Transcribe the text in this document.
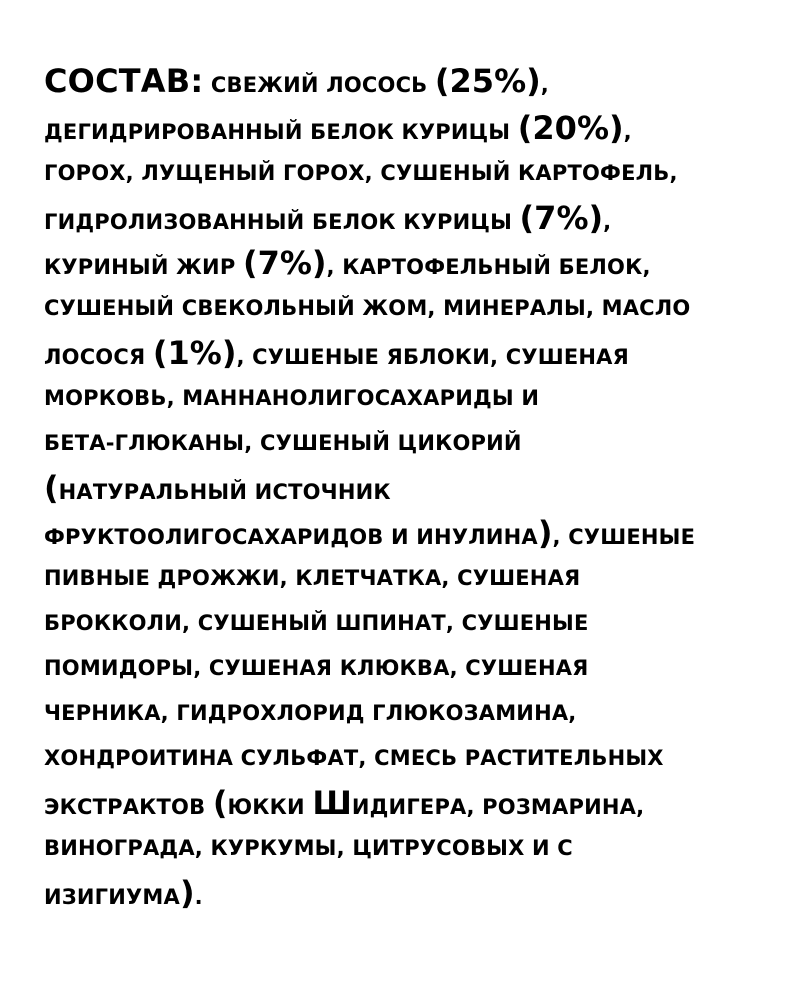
СОСТАВ: СВЕЖИЙ ЛОСОСЬ (25%),
ДЕГИДРИРОВАННЫЙ БЕЛОК КУРИЦЫ (20%),
ГОРОХ, ЛУЩЕНЫЙ ГОРОХ, СУШЕНЫЙ КАРТОФЕЛЬ,
ГИДРОЛИЗОВАННЫЙ БЕЛОК КУРИЦЫ (7%),
КУРИНЫЙ ЖИР (7%), КАРТОФЕЛЬНЫЙ БЕЛОК,
СУШЕНЫЙ СВЕКОЛЬНЫЙ ЖОМ, МИНЕРАЛЫ, МАСЛО
ЛОСОСЯ (1%), СУШЕНЫЕ ЯБЛОКИ, СУШЕНАЯ
МОРКОВЬ, МАННАНОЛИГОСАХАРИДЫ И
БЕТА-ГЛЮКАНЫ, СУШЕНЫЙ ЦИКОРИЙ
(НАТУРАЛЬНЫЙ ИСТОЧНИК
ФРУКТООЛИГОСАХАРИДОВ И ИНУЛИНА), СУШЕНЫЕ
ПИВНЫЕ ДРОЖЖИ, КЛЕТЧАТКА, СУШЕНАЯ
БРОККОЛИ, СУШЕНЫЙ ШПИНАТ, СУШЕНЫЕ
ПОМИДОРЫ, СУШЕНАЯ КЛЮКВА, СУШЕНАЯ
ЧЕРНИКА, ГИДРОХЛОРИД ГЛЮКОЗАМИНА,
ХОНДРОИТИНА СУЛЬФАТ, СМЕСЬ РАСТИТЕЛЬНЫХ
ЭКСТРАКТОВ (ЮККИ ШИДИГЕРА, РОЗМАРИНА,
ВИНОГРАДА, КУРКУМЫ, ЦИТРУСОВЫХ И С
ИЗИГИУМА).
